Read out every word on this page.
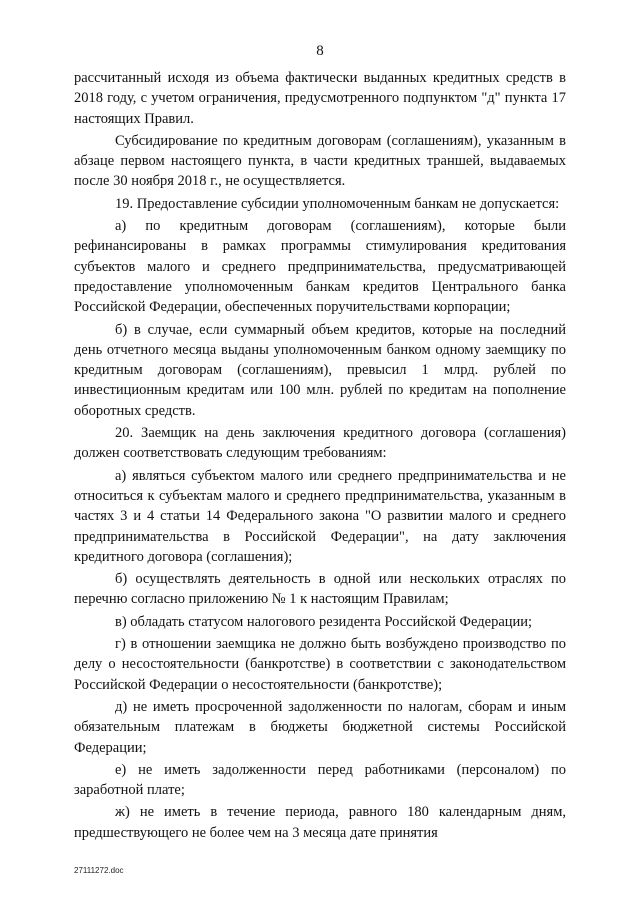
8

рассчитанный исходя из объема фактически выданных кредитных средств в 2018 году, с учетом ограничения, предусмотренного подпунктом "д" пункта 17 настоящих Правил.

Субсидирование по кредитным договорам (соглашениям), указанным в абзаце первом настоящего пункта, в части кредитных траншей, выдаваемых после 30 ноября 2018 г., не осуществляется.

19. Предоставление субсидии уполномоченным банкам не допускается:

а) по кредитным договорам (соглашениям), которые были рефинансированы в рамках программы стимулирования кредитования субъектов малого и среднего предпринимательства, предусматривающей предоставление уполномоченным банкам кредитов Центрального банка Российской Федерации, обеспеченных поручительствами корпорации;

б) в случае, если суммарный объем кредитов, которые на последний день отчетного месяца выданы уполномоченным банком одному заемщику по кредитным договорам (соглашениям), превысил 1 млрд. рублей по инвестиционным кредитам или 100 млн. рублей по кредитам на пополнение оборотных средств.

20. Заемщик на день заключения кредитного договора (соглашения) должен соответствовать следующим требованиям:

а) являться субъектом малого или среднего предпринимательства и не относиться к субъектам малого и среднего предпринимательства, указанным в частях 3 и 4 статьи 14 Федерального закона "О развитии малого и среднего предпринимательства в Российской Федерации", на дату заключения кредитного договора (соглашения);

б) осуществлять деятельность в одной или нескольких отраслях по перечню согласно приложению № 1 к настоящим Правилам;

в) обладать статусом налогового резидента Российской Федерации;

г) в отношении заемщика не должно быть возбуждено производство по делу о несостоятельности (банкротстве) в соответствии с законодательством Российской Федерации о несостоятельности (банкротстве);

д) не иметь просроченной задолженности по налогам, сборам и иным обязательным платежам в бюджеты бюджетной системы Российской Федерации;

е) не иметь задолженности перед работниками (персоналом) по заработной плате;

ж) не иметь в течение периода, равного 180 календарным дням, предшествующего не более чем на 3 месяца дате принятия

27111272.doc
